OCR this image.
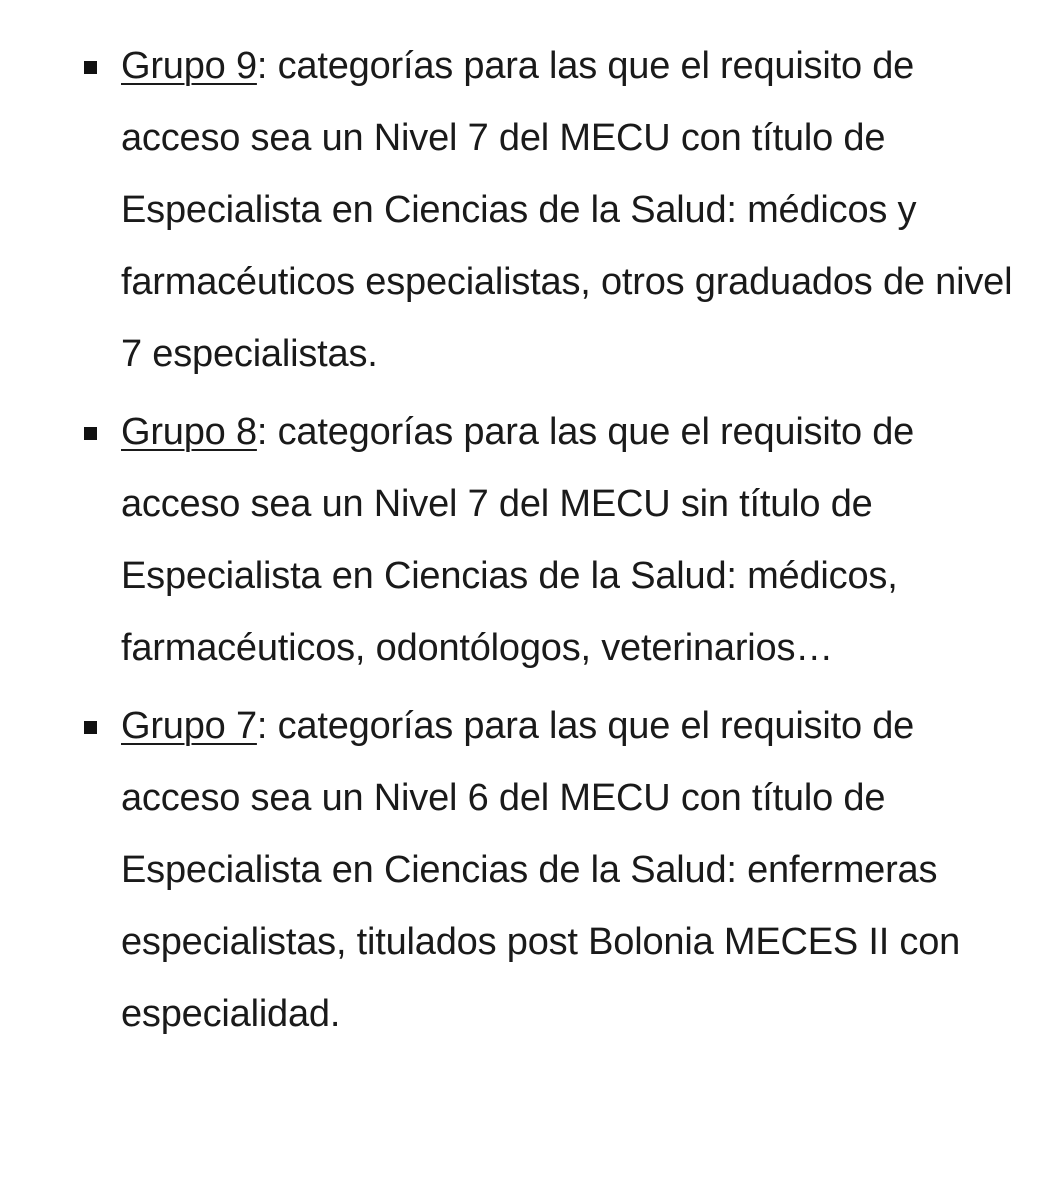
Grupo 9: categorías para las que el requisito de acceso sea un Nivel 7 del MECU con título de Especialista en Ciencias de la Salud: médicos y farmacéuticos especialistas, otros graduados de nivel 7 especialistas.
Grupo 8: categorías para las que el requisito de acceso sea un Nivel 7 del MECU sin título de Especialista en Ciencias de la Salud: médicos, farmacéuticos, odontólogos, veterinarios…
Grupo 7: categorías para las que el requisito de acceso sea un Nivel 6 del MECU con título de Especialista en Ciencias de la Salud: enfermeras especialistas, titulados post Bolonia MECES II con especialidad.
